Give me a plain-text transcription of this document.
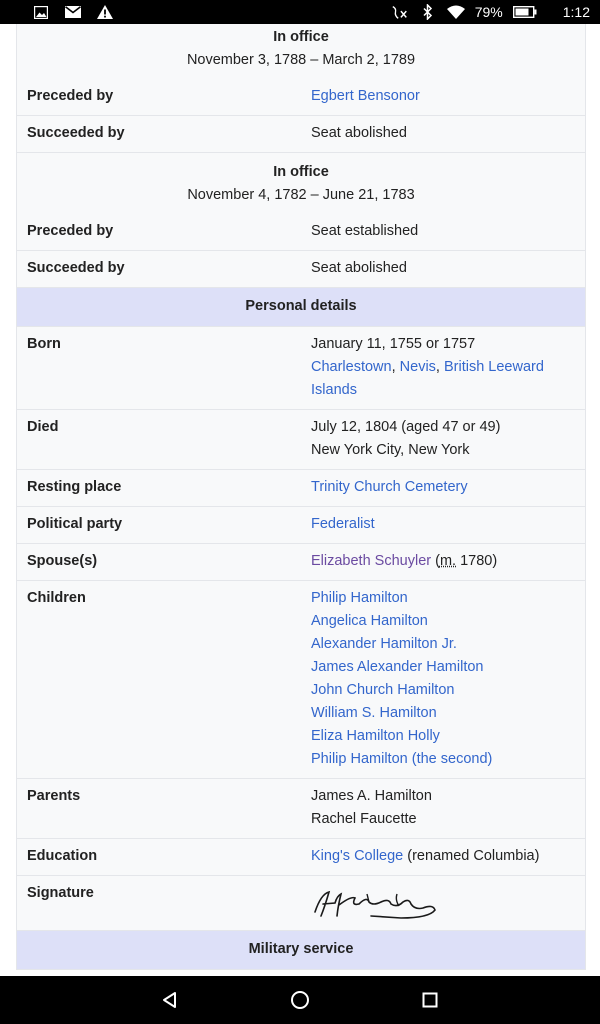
79%	1:12
In office
November 3, 1788 – March 2, 1789
Preceded by	Egbert Bensonor
Succeeded by	Seat abolished
In office
November 4, 1782 – June 21, 1783
Preceded by	Seat established
Succeeded by	Seat abolished
Personal details
Born	January 11, 1755 or 1757
Charlestown, Nevis, British Leeward
Islands
Died	July 12, 1804 (aged 47 or 49)
New York City, New York
Resting place	Trinity Church Cemetery
Political party	Federalist
Spouse(s)	Elizabeth Schuyler (m. 1780)
Children	Philip Hamilton
Angelica Hamilton
Alexander Hamilton Jr.
James Alexander Hamilton
John Church Hamilton
William S. Hamilton
Eliza Hamilton Holly
Philip Hamilton (the second)
Parents	James A. Hamilton
Rachel Faucette
Education	King's College (renamed Columbia)
Signature
Military service
